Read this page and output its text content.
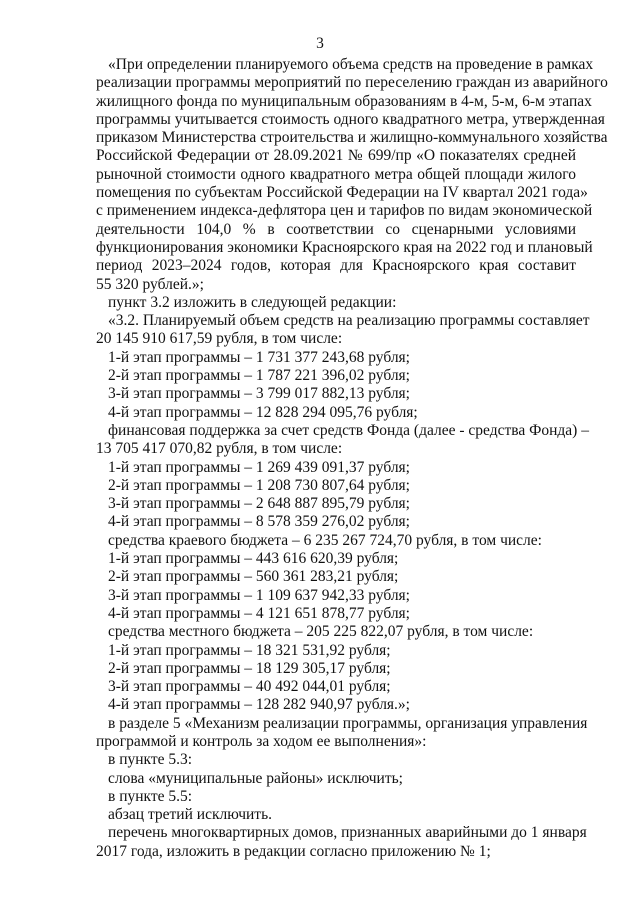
3
«При определении планируемого объема средств на проведение в рамках
реализации программы мероприятий по переселению граждан из аварийного
жилищного фонда по муниципальным образованиям в 4-м, 5-м, 6-м этапах
программы учитывается стоимость одного квадратного метра, утвержденная
приказом Министерства строительства и жилищно-коммунального хозяйства
Российской Федерации от 28.09.2021 № 699/пр «О показателях средней
рыночной стоимости одного квадратного метра общей площади жилого
помещения по субъектам Российской Федерации на IV квартал 2021 года»
с применением индекса-дефлятора цен и тарифов по видам экономической
деятельности 104,0 % в соответствии со сценарными условиями
функционирования экономики Красноярского края на 2022 год и плановый
период 2023–2024 годов, которая для Красноярского края составит
55 320 рублей.»;
пункт 3.2 изложить в следующей редакции:
«3.2. Планируемый объем средств на реализацию программы составляет
20 145 910 617,59 рубля, в том числе:
1-й этап программы – 1 731 377 243,68 рубля;
2-й этап программы – 1 787 221 396,02 рубля;
3-й этап программы – 3 799 017 882,13 рубля;
4-й этап программы – 12 828 294 095,76 рубля;
финансовая поддержка за счет средств Фонда (далее - средства Фонда) –
13 705 417 070,82 рубля, в том числе:
1-й этап программы – 1 269 439 091,37 рубля;
2-й этап программы – 1 208 730 807,64 рубля;
3-й этап программы – 2 648 887 895,79 рубля;
4-й этап программы – 8 578 359 276,02 рубля;
средства краевого бюджета – 6 235 267 724,70 рубля, в том числе:
1-й этап программы – 443 616 620,39 рубля;
2-й этап программы – 560 361 283,21 рубля;
3-й этап программы – 1 109 637 942,33 рубля;
4-й этап программы – 4 121 651 878,77 рубля;
средства местного бюджета – 205 225 822,07 рубля, в том числе:
1-й этап программы – 18 321 531,92 рубля;
2-й этап программы – 18 129 305,17 рубля;
3-й этап программы – 40 492 044,01 рубля;
4-й этап программы – 128 282 940,97 рубля.»;
в разделе 5 «Механизм реализации программы, организация управления
программой и контроль за ходом ее выполнения»:
в пункте 5.3:
слова «муниципальные районы» исключить;
в пункте 5.5:
абзац третий исключить.
перечень многоквартирных домов, признанных аварийными до 1 января
2017 года, изложить в редакции согласно приложению № 1;
